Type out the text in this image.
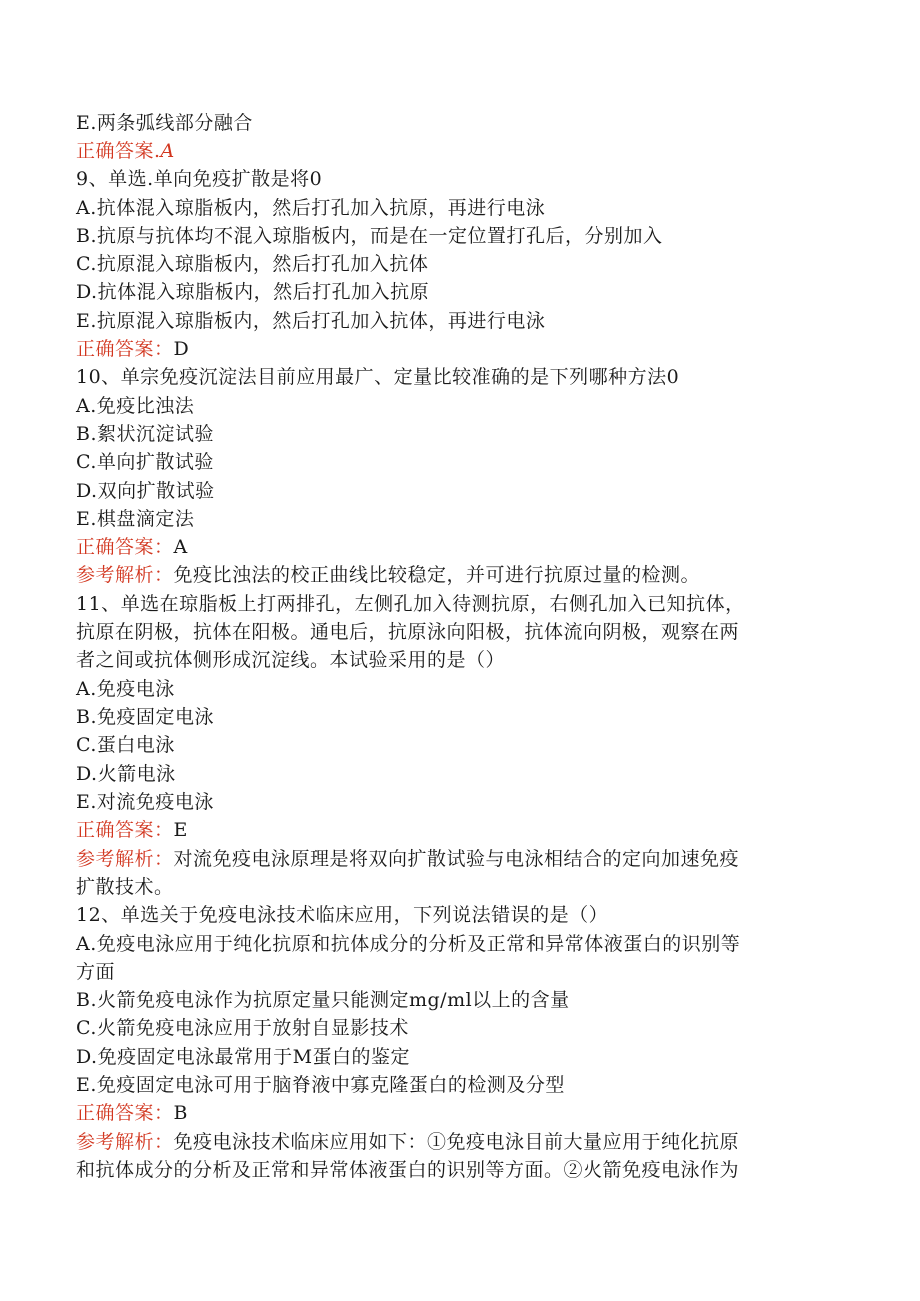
E.两条弧线部分融合
正确答案.A
9、单选.单向免疫扩散是将0
A.抗体混入琼脂板内，然后打孔加入抗原，再进行电泳
B.抗原与抗体均不混入琼脂板内，而是在一定位置打孔后，分别加入
C.抗原混入琼脂板内，然后打孔加入抗体
D.抗体混入琼脂板内，然后打孔加入抗原
E.抗原混入琼脂板内，然后打孔加入抗体，再进行电泳
正确答案：D
10、单宗免疫沉淀法目前应用最广、定量比较准确的是下列哪种方法0
A.免疫比浊法
B.絮状沉淀试验
C.单向扩散试验
D.双向扩散试验
E.棋盘滴定法
正确答案：A
参考解析：免疫比浊法的校正曲线比较稳定，并可进行抗原过量的检测。
11、单选在琼脂板上打两排孔，左侧孔加入待测抗原，右侧孔加入已知抗体，
抗原在阴极，抗体在阳极。通电后，抗原泳向阳极，抗体流向阴极，观察在两
者之间或抗体侧形成沉淀线。本试验采用的是（）
A.免疫电泳
B.免疫固定电泳
C.蛋白电泳
D.火箭电泳
E.对流免疫电泳
正确答案：E
参考解析：对流免疫电泳原理是将双向扩散试验与电泳相结合的定向加速免疫
扩散技术。
12、单选关于免疫电泳技术临床应用，下列说法错误的是（）
A.免疫电泳应用于纯化抗原和抗体成分的分析及正常和异常体液蛋白的识别等
方面
B.火箭免疫电泳作为抗原定量只能测定mg/ml以上的含量
C.火箭免疫电泳应用于放射自显影技术
D.免疫固定电泳最常用于M蛋白的鉴定
E.免疫固定电泳可用于脑脊液中寡克隆蛋白的检测及分型
正确答案：B
参考解析：免疫电泳技术临床应用如下：①免疫电泳目前大量应用于纯化抗原
和抗体成分的分析及正常和异常体液蛋白的识别等方面。②火箭免疫电泳作为
